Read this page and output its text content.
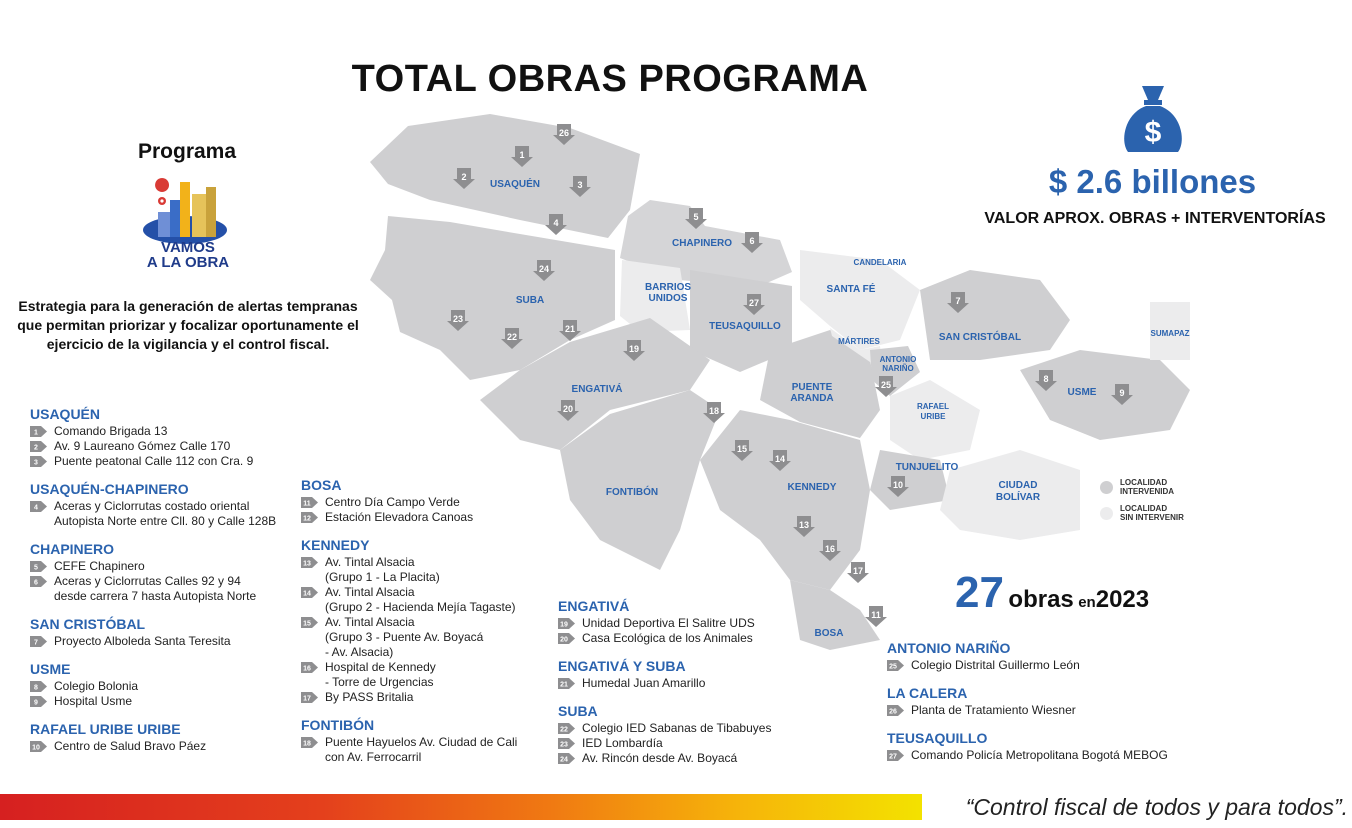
TOTAL OBRAS PROGRAMA
Programa
VAMOS
A LA OBRA
Estrategia para la generación de alertas tempranas que permitan priorizar y focalizar oportunamente el ejercicio de la vigilancia y el control fiscal.
USAQUÉN
CHAPINERO
SUBA
BARRIOS
UNIDOS
TEUSAQUILLO
ENGATIVÁ
FONTIBÓN	KENNEDY
BOSA
PUENTE
ARANDA
CANDELARIA
SANTA FÉ
MÁRTIRES
ANTONIO
NARIÑO
RAFAEL
URIBE
SAN CRISTÓBAL
USME
SUMAPAZ
TUNJUELITO
CIUDAD
BOLÍVAR
1
2
3
4
5
6
7
8
9
10
11
13
14
15
16
17
18
19
20
21
22
23
24
25
26
27
$
$ 2.6 billones
VALOR APROX. OBRAS + INTERVENTORÍAS
LOCALIDAD
INTERVENIDA
LOCALIDAD
SIN INTERVENIR
27 obras en2023
USAQUÉN
1 Comando Brigada 13
2 Av. 9 Laureano Gómez Calle 170
3 Puente peatonal Calle 112 con Cra. 9
USAQUÉN-CHAPINERO
4 Aceras y Ciclorrutas costado oriental
Autopista Norte entre Cll. 80 y Calle 128B
CHAPINERO
5 CEFE Chapinero
6 Aceras y Ciclorrutas Calles 92 y 94
desde carrera 7 hasta Autopista Norte
SAN CRISTÓBAL
7 Proyecto Alboleda Santa Teresita
USME
8 Colegio Bolonia
9 Hospital Usme
RAFAEL URIBE URIBE
10 Centro de Salud Bravo Páez
BOSA
11 Centro Día Campo Verde
12 Estación Elevadora Canoas
KENNEDY
13 Av. Tintal Alsacia
(Grupo 1 - La Placita)
14 Av. Tintal Alsacia
(Grupo 2 - Hacienda Mejía Tagaste)
15 Av. Tintal Alsacia
(Grupo 3 - Puente Av. Boyacá
- Av. Alsacia)
16 Hospital de Kennedy
- Torre de Urgencias
17 By PASS Britalia
FONTIBÓN
18 Puente Hayuelos Av. Ciudad de Cali
con Av. Ferrocarril
ENGATIVÁ
19 Unidad Deportiva El Salitre UDS
20 Casa Ecológica de los Animales
ENGATIVÁ Y SUBA
21 Humedal Juan Amarillo
SUBA
22 Colegio IED Sabanas de Tibabuyes
23 IED Lombardía
24 Av. Rincón desde Av. Boyacá
ANTONIO NARIÑO
25 Colegio Distrital Guillermo León
LA CALERA
26 Planta de Tratamiento Wiesner
TEUSAQUILLO
27 Comando Policía Metropolitana Bogotá MEBOG
“Control fiscal de todos y para todos”.
